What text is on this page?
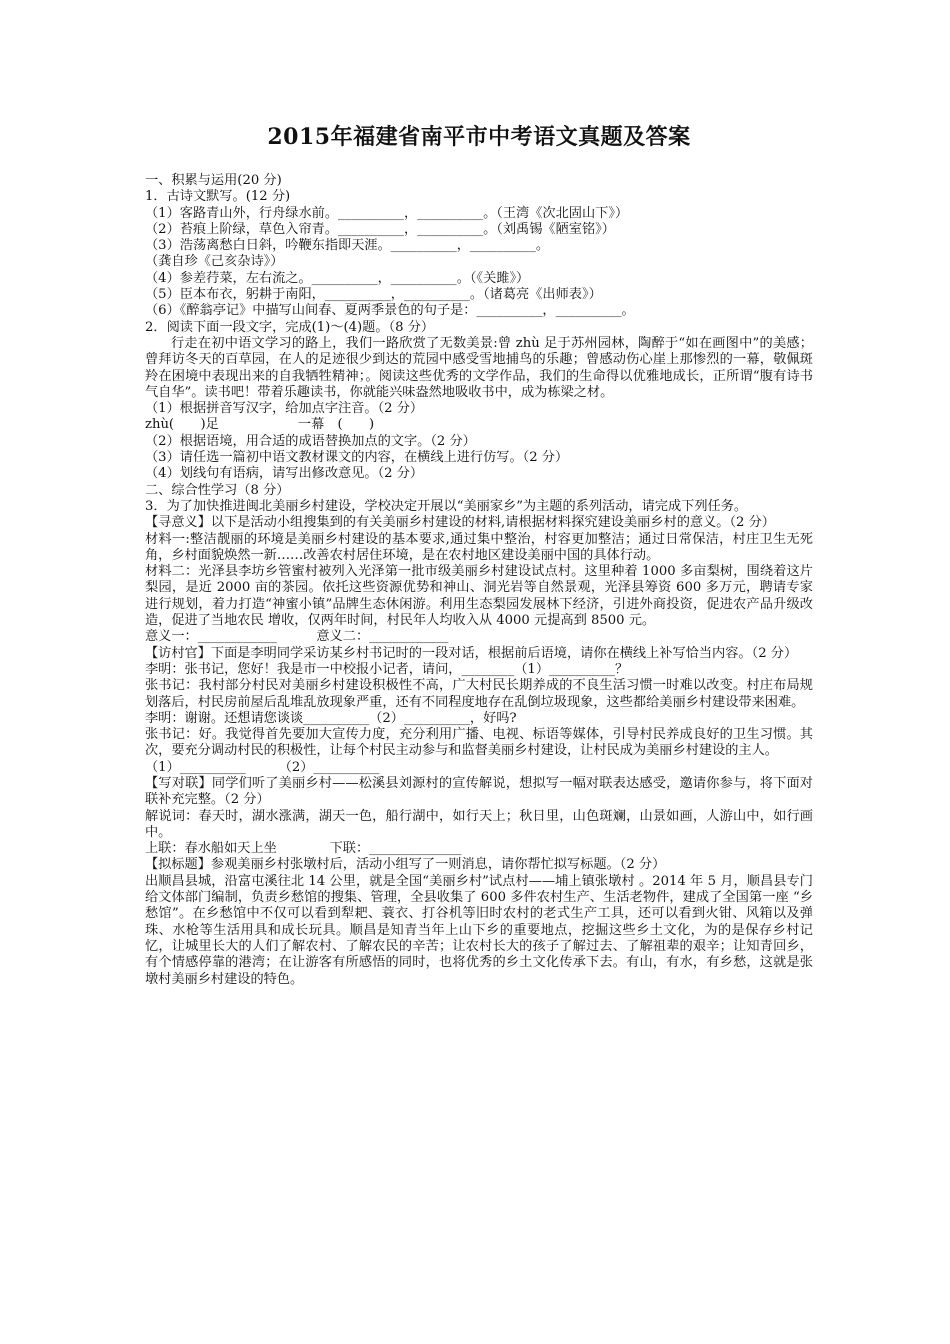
2015年福建省南平市中考语文真题及答案
一、积累与运用(20 分)
1．古诗文默写。(12 分)
（1）客路青山外，行舟绿水前。__________，__________。（王湾《次北固山下》）
（2）苔痕上阶绿，草色入帘青。__________，__________。（刘禹锡《陋室铭》）
（3）浩荡离愁白日斜，吟鞭东指即天涯。__________，__________。
（龚自珍《己亥杂诗》）
（4）参差荇菜，左右流之。__________，__________。（《关雎》）
（5）臣本布衣，躬耕于南阳，__________，__________。（诸葛亮《出师表》）
（6）《醉翁亭记》中描写山间春、夏两季景色的句子是：__________，__________。
2．阅读下面一段文字，完成(1)～(4)题。（8 分）
行走在初中语文学习的路上，我们一路欣赏了无数美景:曾 zhù 足于苏州园林，陶醉于“如在画图中”的美感；曾拜访冬天的百草园，在人的足迹很少到达的荒园中感受雪地捕鸟的乐趣；曾感动伤心崖上那惨烈的一幕，敬佩斑羚在困境中表现出来的自我牺牲精神；。阅读这些优秀的文学作品，我们的生命得以优雅地成长，正所谓“腹有诗书气自华”。读书吧！带着乐趣读书，你就能兴味盎然地吸收书中，成为栋梁之材。
（1）根据拼音写汉字，给加点字注音。（2 分）
zhù(　　)足　　　　　　一幕　(　　)
（2）根据语境，用合适的成语替换加点的文字。（2 分）
（3）请任选一篇初中语文教材课文的内容，在横线上进行仿写。（2 分）
（4）划线句有语病，请写出修改意见。（2 分）
二、综合性学习（8 分）
3．为了加快推进闽北美丽乡村建设，学校决定开展以“美丽家乡”为主题的系列活动，请完成下列任务。
【寻意义】以下是活动小组搜集到的有关美丽乡村建设的材料,请根据材料探究建设美丽乡村的意义。（2 分）
材料一:整洁靓丽的环境是美丽乡村建设的基本要求,通过集中整治，村容更加整洁；通过日常保洁，村庄卫生无死角，乡村面貌焕然一新……改善农村居住环境，是在农村地区建设美丽中国的具体行动。
材料二：光泽县李坊乡管蜜村被列入光泽第一批市级美丽乡村建设试点村。这里种着 1000 多亩梨树，围绕着这片梨园，是近 2000 亩的茶园。依托这些资源优势和神山、洞光岩等自然景观，光泽县筹资 600 多万元，聘请专家进行规划，着力打造“神蜜小镇”品牌生态休闲游。利用生态梨园发展林下经济，引进外商投资，促进农产品升级改造，促进了当地农民 增收，仅两年时间，村民年人均收入从 4000 元提高到 8500 元。
意义一：____________　　　意义二：____________
【访村官】下面是李明同学采访某乡村书记时的一段对话，根据前后语境，请你在横线上补写恰当内容。（2 分）
李明：张书记，您好！我是市一中校报小记者，请问，________（1）__________？
张书记：我村部分村民对美丽乡村建设积极性不高，广大村民长期养成的不良生活习惯一时难以改变。村庄布局规划落后，村民房前屋后乱堆乱放现象严重，还有不同程度地存在乱倒垃圾现象，这些都给美丽乡村建设带来困难。
李明：谢谢。还想请您谈谈__________（2）__________，好吗?
张书记：好。我觉得首先要加大宣传力度，充分利用广播、电视、标语等媒体，引导村民养成良好的卫生习惯。其次，要充分调动村民的积极性，让每个村民主动参与和监督美丽乡村建设，让村民成为美丽乡村建设的主人。
（1）__________　　　（2）__________
【写对联】同学们听了美丽乡村——松溪县刘源村的宣传解说，想拟写一幅对联表达感受，邀请你参与，将下面对联补充完整。（2 分）
解说词：春天时，湖水涨满，湖天一色，船行湖中，如行天上；秋日里，山色斑斓，山景如画，人游山中，如行画中。
上联：春水船如天上坐　　　　下联：______________
【拟标题】参观美丽乡村张墩村后，活动小组写了一则消息，请你帮忙拟写标题。（2 分）
出顺昌县城，沿富屯溪往北 14 公里，就是全国“美丽乡村”试点村——埔上镇张墩村 。2014 年 5 月，顺昌县专门给文体部门编制，负责乡愁馆的搜集、管理，全县收集了 600 多件农村生产、生活老物件，建成了全国第一座 “乡愁馆”。在乡愁馆中不仅可以看到犁耙、蓑衣、打谷机等旧时农村的老式生产工具，还可以看到火钳、风箱以及弹珠、水枪等生活用具和成长玩具。顺昌是知青当年上山下乡的重要地点，挖掘这些乡土文化，为的是保存乡村记忆，让城里长大的人们了解农村、了解农民的辛苦；让农村长大的孩子了解过去、了解祖辈的艰辛；让知青回乡，有个情感停靠的港湾；在让游客有所感悟的同时，也将优秀的乡土文化传承下去。有山，有水，有乡愁，这就是张墩村美丽乡村建设的特色。
